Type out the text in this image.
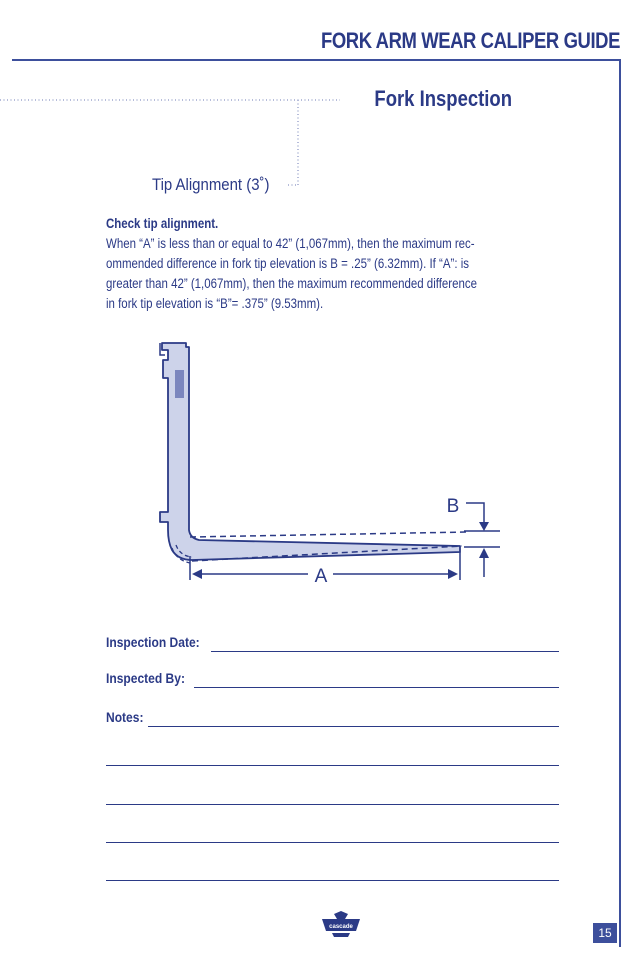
FORK ARM WEAR CALIPER GUIDE
Fork Inspection
Tip Alignment (3˚)
Check tip alignment.
When “A” is less than or equal to 42” (1,067mm), then the maximum rec-
ommended difference in fork tip elevation is B = .25” (6.32mm). If “A”: is
greater than 42” (1,067mm), then the maximum recommended difference
in fork tip elevation is “B”= .375” (9.53mm).
A
B
Inspection Date:
Inspected By:
Notes:
cascade	15
